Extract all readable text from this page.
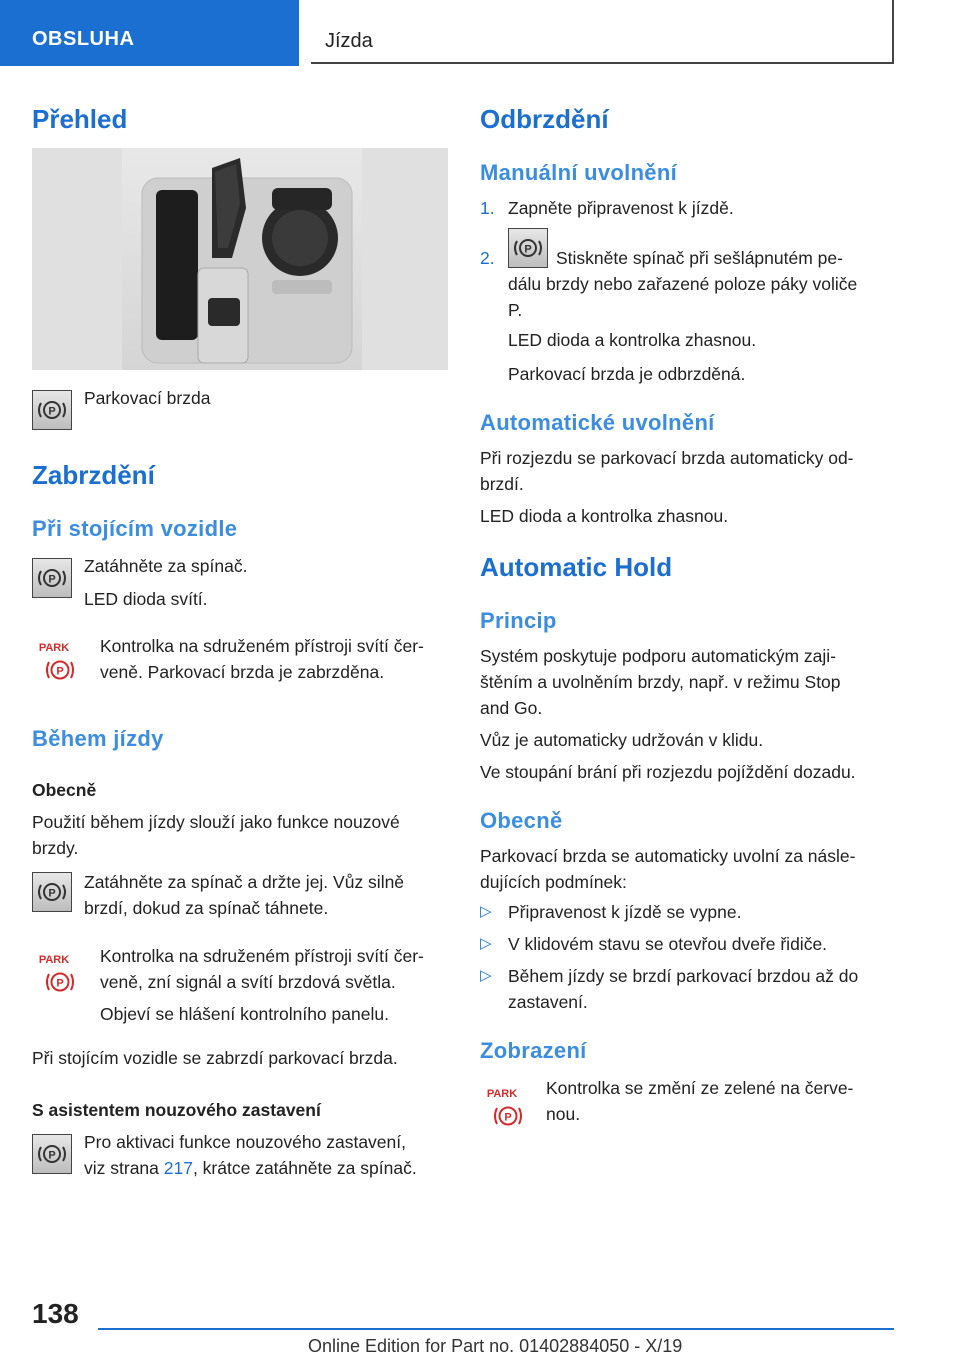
OBSLUHA	Jízda
Přehled
P

Parkovací brzda

Zabrzdění
Při stojícím vozidle
P

Zatáhněte za spínač.

LED dioda svítí.

PARK
P

Kontrolka na sdruženém přístroji svítí čer-

veně. Parkovací brzda je zabrzděna.

Během jízdy

Obecně

Použití během jízdy slouží jako funkce nouzové

brzdy.

P

Zatáhněte za spínač a držte jej. Vůz silně

brzdí, dokud za spínač táhnete.

PARK
P

Kontrolka na sdruženém přístroji svítí čer-

veně, zní signál a svítí brzdová světla.

Objeví se hlášení kontrolního panelu.

Při stojícím vozidle se zabrzdí parkovací brzda.

S asistentem nouzového zastavení

P

Pro aktivaci funkce nouzového zastavení,

viz strana 217, krátce zatáhněte za spínač.

Odbrzdění
Manuální uvolnění

1. Zapněte připravenost k jízdě.

2.	P Stiskněte spínač při sešlápnutém pe-

dálu brzdy nebo zařazené poloze páky voliče

P.

LED dioda a kontrolka zhasnou.

Parkovací brzda je odbrzděná.

Automatické uvolnění

Při rozjezdu se parkovací brzda automaticky od-

brzdí.

LED dioda a kontrolka zhasnou.

Automatic Hold
Princip

Systém poskytuje podporu automatickým zaji-

štěním a uvolněním brzdy, např. v režimu Stop

and Go.

Vůz je automaticky udržován v klidu.

Ve stoupání brání při rozjezdu pojíždění dozadu.

Obecně

Parkovací brzda se automaticky uvolní za násle-

dujících podmínek:

▷ Připravenost k jízdě se vypne.

▷ V klidovém stavu se otevřou dveře řidiče.

▷ Během jízdy se brzdí parkovací brzdou až do

zastavení.

Zobrazení
PARK
P

Kontrolka se změní ze zelené na červe-

nou.

138
Online Edition for Part no. 01402884050 - X/19
